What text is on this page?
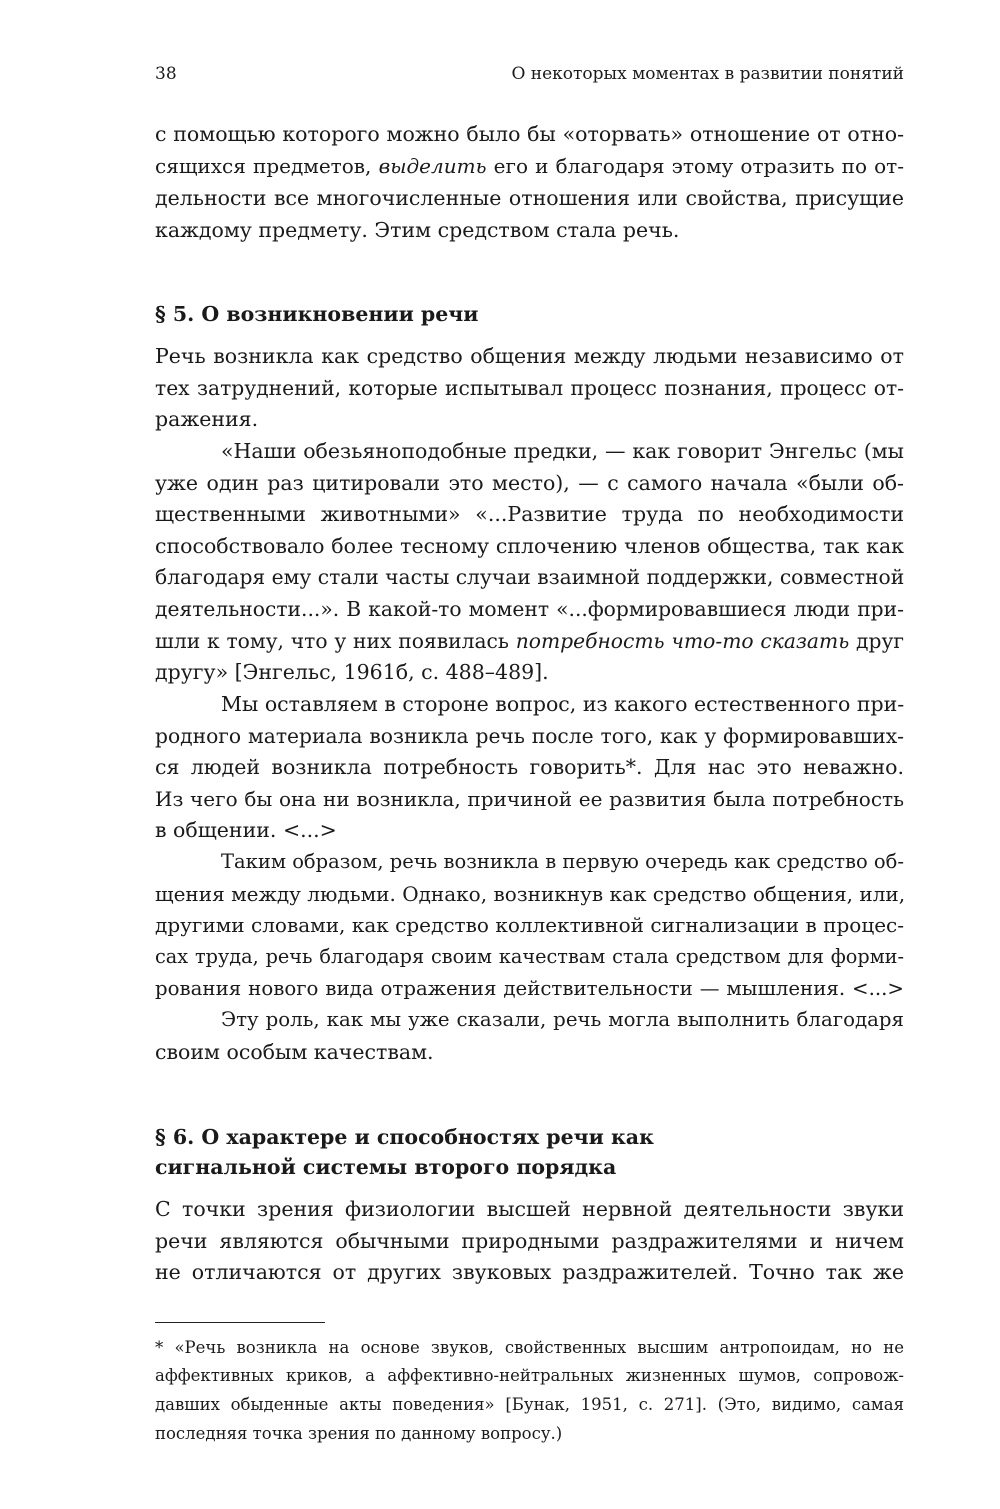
38	О некоторых моментах в развитии понятий
с помощью которого можно было бы «оторвать» отношение от отно-
сящихся предметов, выделить его и благодаря этому отразить по от-
дельности все многочисленные отношения или свойства, присущие
каждому предмету. Этим средством стала речь.
§ 5. О возникновении речи
Речь возникла как средство общения между людьми независимо от
тех затруднений, которые испытывал процесс познания, процесс от-
ражения.
«Наши обезьяноподобные предки, — как говорит Энгельс (мы
уже один раз цитировали это место), — с самого начала «были об-
щественными животными» «...Развитие труда по необходимости
способствовало более тесному сплочению членов общества, так как
благодаря ему стали часты случаи взаимной поддержки, совместной
деятельности...». В какой-то момент «...формировавшиеся люди при-
шли к тому, что у них появилась потребность что-то сказать друг
другу» [Энгельс, 1961б, с. 488–489].
Мы оставляем в стороне вопрос, из какого естественного при-
родного материала возникла речь после того, как у формировавших-
ся людей возникла потребность говорить*. Для нас это неважно.
Из чего бы она ни возникла, причиной ее развития была потребность
в общении. <...>
Таким образом, речь возникла в первую очередь как средство об-
щения между людьми. Однако, возникнув как средство общения, или,
другими словами, как средство коллективной сигнализации в процес-
сах труда, речь благодаря своим качествам стала средством для форми-
рования нового вида отражения действительности — мышления. <...>
Эту роль, как мы уже сказали, речь могла выполнить благодаря
своим особым качествам.
§ 6. О характере и способностях речи как
сигнальной системы второго порядка
С точки зрения физиологии высшей нервной деятельности звуки
речи являются обычными природными раздражителями и ничем
не отличаются от других звуковых раздражителей. Точно так же
* «Речь возникла на основе звуков, свойственных высшим антропоидам, но не
аффективных криков, а аффективно-нейтральных жизненных шумов, сопровож-
давших обыденные акты поведения» [Бунак, 1951, с. 271]. (Это, видимо, самая
последняя точка зрения по данному вопросу.)
